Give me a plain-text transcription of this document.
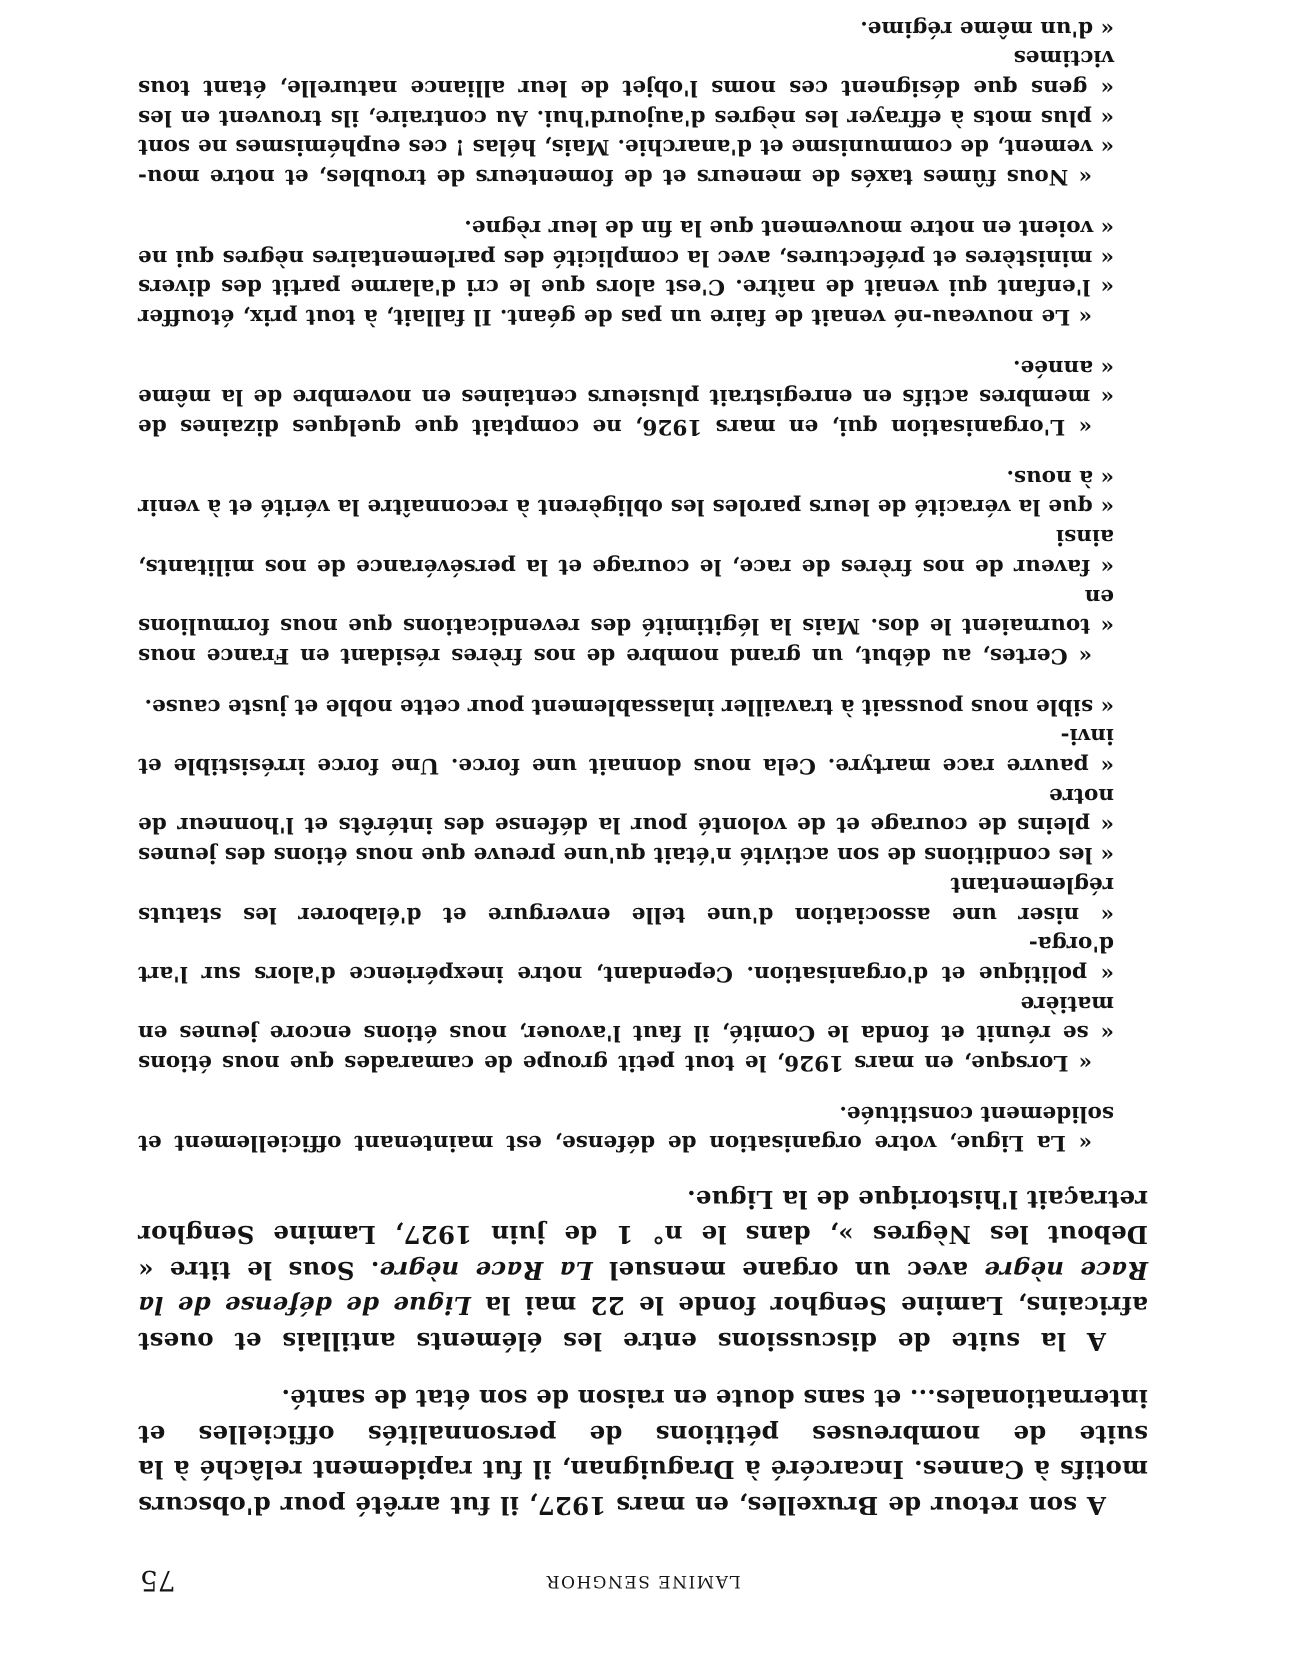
LAMINE SENGHOR
75

A son retour de Bruxelles, en mars 1927, il fut arrêté pour d'obscurs motifs à Cannes. Incarcéré à Draguignan, il fut rapidement relâché à la suite de nombreuses pétitions de personnalités officielles et internationales... et sans doute en raison de son état de santé.

A la suite de discussions entre les éléments antillais et ouest africains, Lamine Senghor fonde le 22 mai la Ligue de défense de la Race nègre avec un organe mensuel La Race nègre. Sous le titre « Debout les Nègres », dans le n° 1 de juin 1927, Lamine Senghor retraçait l'historique de la Ligue.

« La Ligue, votre organisation de défense, est maintenant officiellement et
solidement constituée.
« Lorsque, en mars 1926, le tout petit groupe de camarades que nous étions
« se réunit et fonda le Comité, il faut l'avouer, nous étions encore jeunes en matière
« politique et d'organisation. Cependant, notre inexpérience d'alors sur l'art d'orga-
« niser une association d'une telle envergure et d'élaborer les statuts réglementant
« les conditions de son activité n'était qu'une preuve que nous étions des jeunes
« pleins de courage et de volonté pour la défense des intérêts et l'honneur de notre
« pauvre race martyre. Cela nous donnait une force. Une force irrésistible et invi-
« sible nous poussait à travailler inlassablement pour cette noble et juste cause.
« Certes, au début, un grand nombre de nos frères résidant en France nous
« tournaient le dos. Mais la légitimité des revendications que nous formulions en
« faveur de nos frères de race, le courage et la persévérance de nos militants, ainsi
« que la véracité de leurs paroles les obligèrent à reconnaître la vérité et à venir
« à nous.
« L'organisation qui, en mars 1926, ne comptait que quelques dizaines de
« membres actifs en enregistrait plusieurs centaines en novembre de la même
« année.
« Le nouveau-né venait de faire un pas de géant. Il fallait, à tout prix, étouffer
« l'enfant qui venait de naître. C'est alors que le cri d'alarme partit des divers
« ministères et préfectures, avec la complicité des parlementaires nègres qui ne
« voient en notre mouvement que la fin de leur règne.
« Nous fûmes taxés de meneurs et de fomenteurs de troubles, et notre mou-
« vement, de communisme et d'anarchie. Mais, hélas ! ces euphémismes ne sont
« plus mots à effrayer les nègres d'aujourd'hui. Au contraire, ils trouvent en les
« gens que désignent ces noms l'objet de leur alliance naturelle, étant tous victimes
« d'un même régime.
